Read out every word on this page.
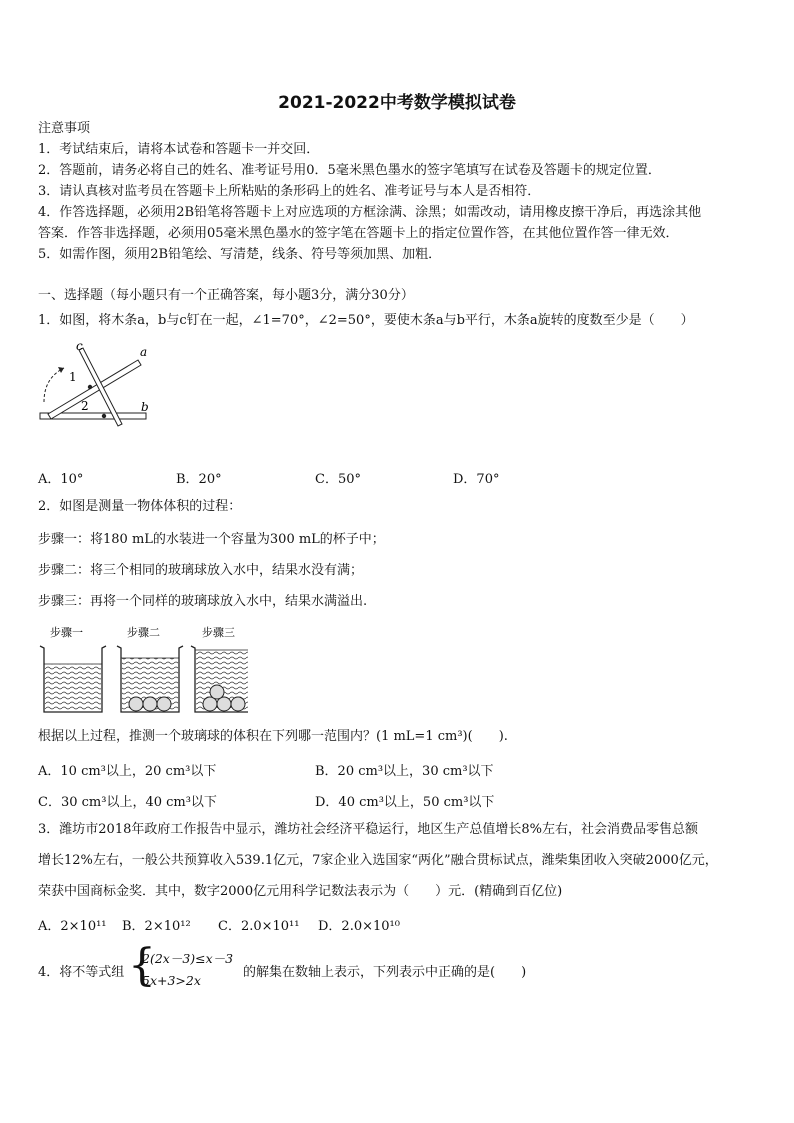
2021-2022中考数学模拟试卷
注意事项
1．考试结束后，请将本试卷和答题卡一并交回．
2．答题前，请务必将自己的姓名、准考证号用0．5毫米黑色墨水的签字笔填写在试卷及答题卡的规定位置．
3．请认真核对监考员在答题卡上所粘贴的条形码上的姓名、准考证号与本人是否相符．
4．作答选择题，必须用2B铅笔将答题卡上对应选项的方框涂满、涂黑；如需改动，请用橡皮擦干净后，再选涂其他
答案．作答非选择题，必须用05毫米黑色墨水的签字笔在答题卡上的指定位置作答，在其他位置作答一律无效．
5．如需作图，须用2B铅笔绘、写清楚，线条、符号等须加黑、加粗．
一、选择题（每小题只有一个正确答案，每小题3分，满分30分）
1．如图，将木条a，b与c钉在一起，∠1=70°，∠2=50°，要使木条a与b平行，木条a旋转的度数至少是（　　）
c	a
b
1
2
A．10°	B．20°	C．50°	D．70°
2．如图是测量一物体体积的过程：
步骤一：将180 mL的水装进一个容量为300 mL的杯子中；
步骤二：将三个相同的玻璃球放入水中，结果水没有满；
步骤三：再将一个同样的玻璃球放入水中，结果水满溢出.
步骤一	步骤二	步骤三
根据以上过程，推测一个玻璃球的体积在下列哪一范围内？(1 mL=1 cm³)(　　).
A．10 cm³以上，20 cm³以下	B．20 cm³以上，30 cm³以下
C．30 cm³以上，40 cm³以下	D．40 cm³以上，50 cm³以下
3．潍坊市2018年政府工作报告中显示，潍坊社会经济平稳运行，地区生产总值增长8%左右，社会消费品零售总额
增长12%左右，一般公共预算收入539.1亿元，7家企业入选国家“两化”融合贯标试点，潍柴集团收入突破2000亿元，
荣获中国商标金奖．其中，数字2000亿元用科学记数法表示为（　　）元．(精确到百亿位)
A．2×10¹¹ B．2×10¹² C．2.0×10¹¹ D．2.0×10¹⁰
4．将不等式组 {
2(2x－3)≤x－3
5x+3>2x
的解集在数轴上表示，下列表示中正确的是(　　)
